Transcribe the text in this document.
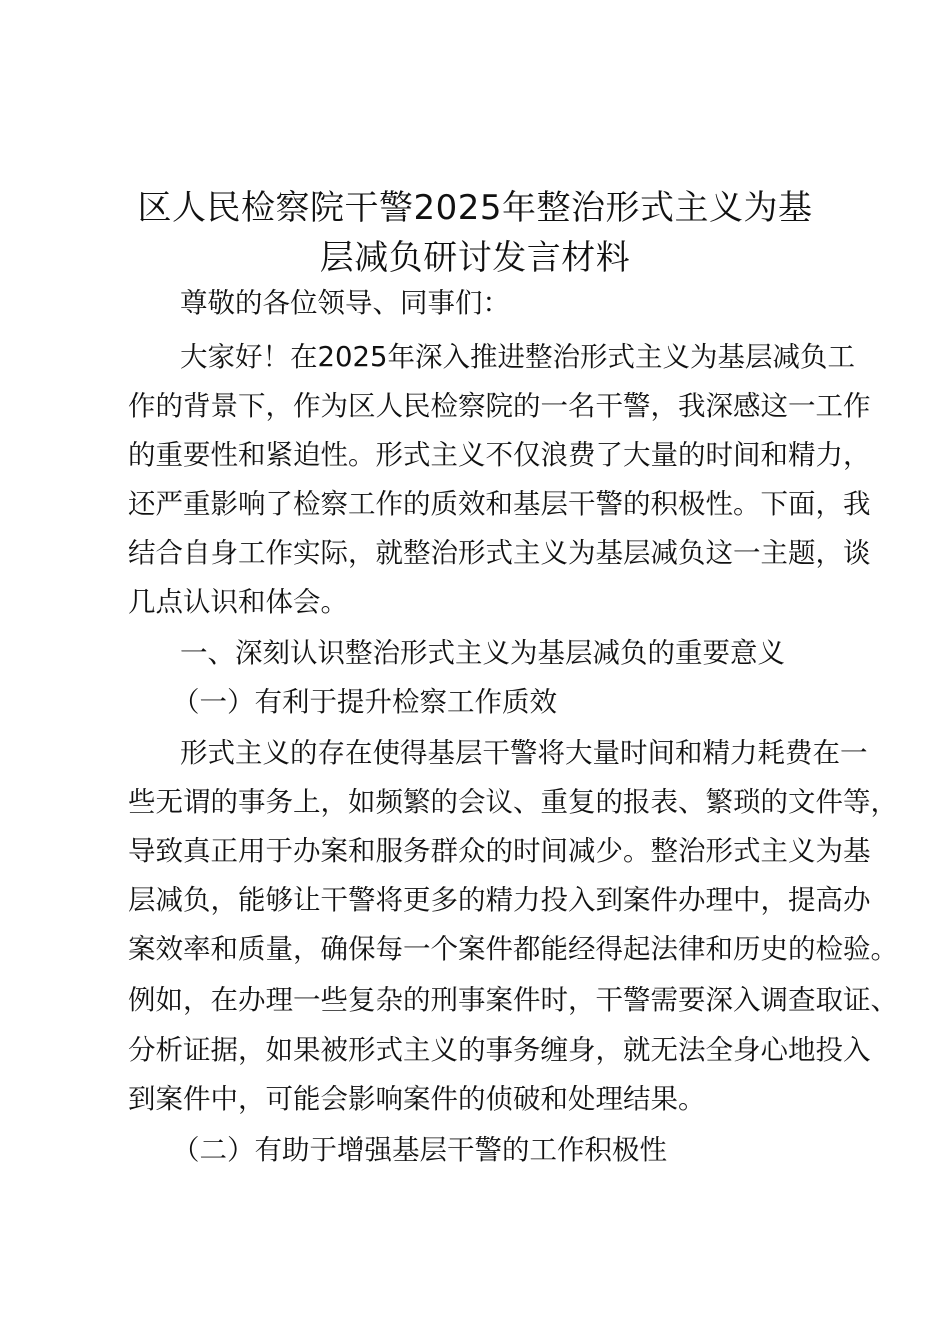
区人民检察院干警2025年整治形式主义为基
层减负研讨发言材料

尊敬的各位领导、同事们：

大家好！在2025年深入推进整治形式主义为基层减负工

作的背景下，作为区人民检察院的一名干警，我深感这一工作

的重要性和紧迫性。形式主义不仅浪费了大量的时间和精力，

还严重影响了检察工作的质效和基层干警的积极性。下面，我

结合自身工作实际，就整治形式主义为基层减负这一主题，谈

几点认识和体会。

一、深刻认识整治形式主义为基层减负的重要意义

（一）有利于提升检察工作质效

形式主义的存在使得基层干警将大量时间和精力耗费在一

些无谓的事务上，如频繁的会议、重复的报表、繁琐的文件等，

导致真正用于办案和服务群众的时间减少。整治形式主义为基

层减负，能够让干警将更多的精力投入到案件办理中，提高办

案效率和质量，确保每一个案件都能经得起法律和历史的检验。

例如，在办理一些复杂的刑事案件时，干警需要深入调查取证、

分析证据，如果被形式主义的事务缠身，就无法全身心地投入

到案件中，可能会影响案件的侦破和处理结果。

（二）有助于增强基层干警的工作积极性
